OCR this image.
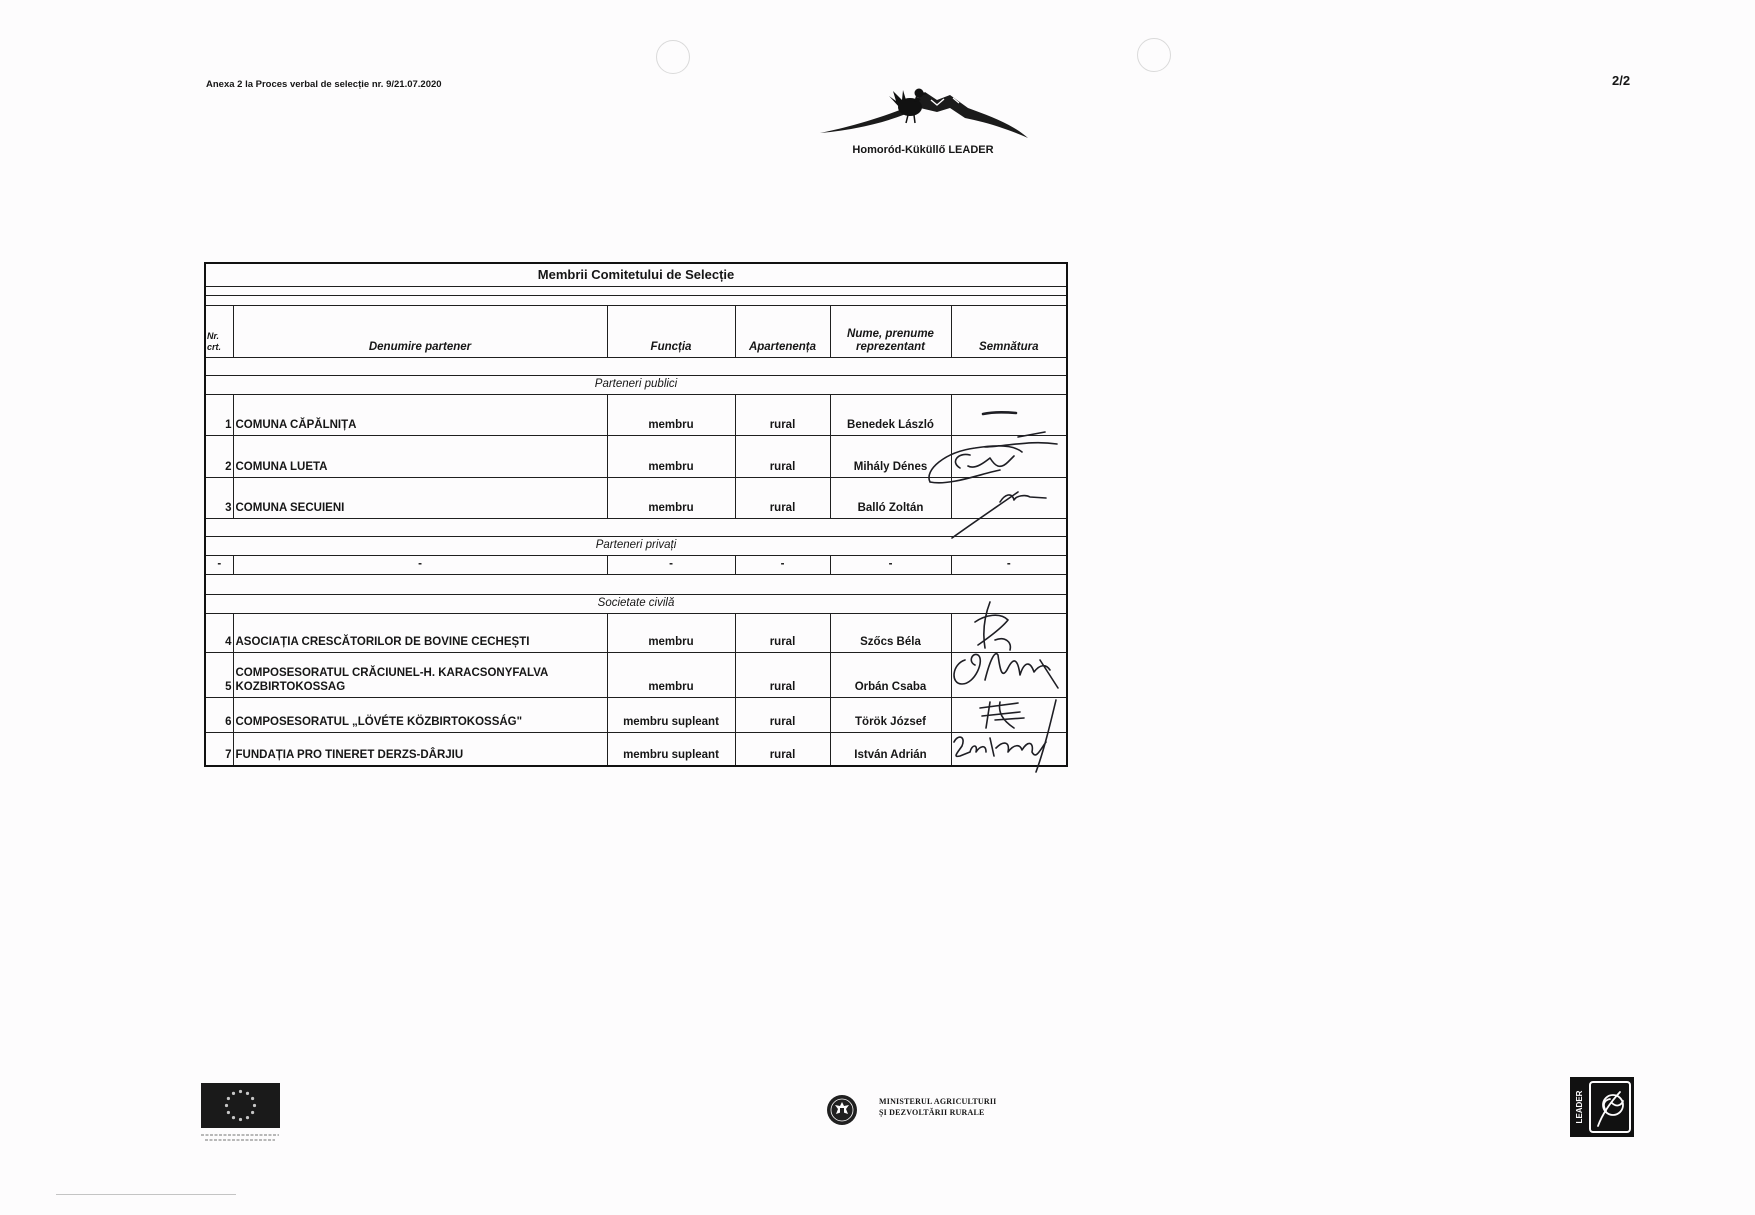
Anexa 2 la Proces verbal de selecție nr. 9/21.07.2020	2/2
Homoród-Küküllő LEADER
Membrii Comitetului de Selecție					

Nr.
crt.	Denumire partener	Funcția	Apartenența	Nume, prenume
reprezentant	Semnătura

Parteneri publici					
1	COMUNA CĂPĂLNIȚA	membru	rural	Benedek László	
2	COMUNA LUETA	membru	rural	Mihály Dénes	
3	COMUNA SECUIENI	membru	rural	Balló Zoltán	

Parteneri privați					
-	-	-	-	-	-

Societate civilă					
4	ASOCIAȚIA CRESCĂTORILOR DE BOVINE CECHEȘTI	membru	rural	Szőcs Béla	
5	COMPOSESORATUL CRĂCIUNEL-H. KARACSONYFALVA KOZBIRTOKOSSAG	membru	rural	Orbán Csaba	
6	COMPOSESORATUL „LÖVÉTE KÖZBIRTOKOSSÁG"	membru supleant	rural	Török József	
7	FUNDAȚIA PRO TINERET DERZS-DÂRJIU	membru supleant	rural	István Adrián	
MINISTERUL AGRICULTURII
ȘI DEZVOLTĂRII RURALE	LEADER
